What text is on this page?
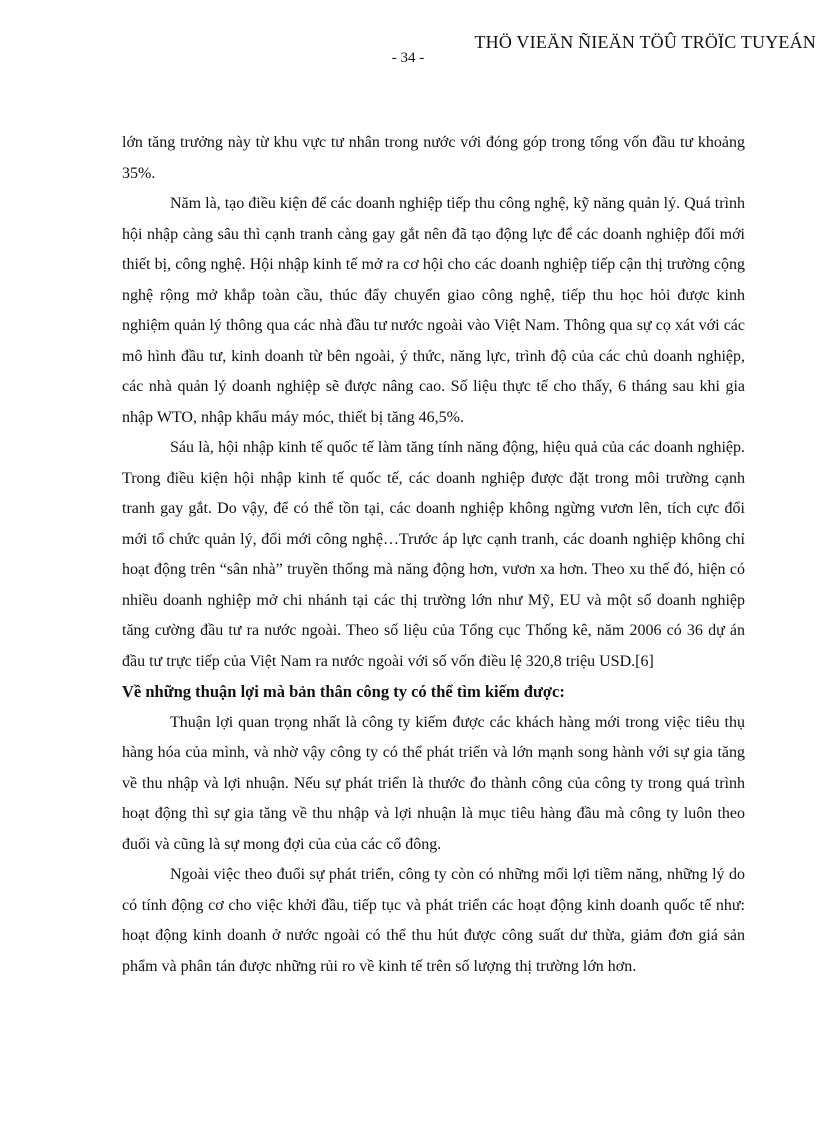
THÖ VIEÄN ÑIEÄN TÖÛ TRÖÏC TUYEÁN
- 34 -

lớn tăng trưởng này từ khu vực tư nhân trong nước với đóng góp trong tổng vốn đầu tư khoảng 35%.

Năm là, tạo điều kiện để các doanh nghiệp tiếp thu công nghệ, kỹ năng quản lý. Quá trình hội nhập càng sâu thì cạnh tranh càng gay gắt nên đã tạo động lực để các doanh nghiệp đổi mới thiết bị, công nghệ. Hội nhập kinh tế mở ra cơ hội cho các doanh nghiệp tiếp cận thị trường cộng nghệ rộng mở khắp toàn cầu, thúc đẩy chuyển giao công nghệ, tiếp thu học hỏi được kinh nghiệm quản lý thông qua các nhà đầu tư nước ngoài vào Việt Nam. Thông qua sự cọ xát với các mô hình đầu tư, kinh doanh từ bên ngoài, ý thức, năng lực, trình độ của các chủ doanh nghiệp, các nhà quản lý doanh nghiệp sẽ được nâng cao. Số liệu thực tế cho thấy, 6 tháng sau khi gia nhập WTO, nhập khẩu máy móc, thiết bị tăng 46,5%.

Sáu là, hội nhập kinh tế quốc tế làm tăng tính năng động, hiệu quả của các doanh nghiệp. Trong điều kiện hội nhập kinh tế quốc tế, các doanh nghiệp được đặt trong môi trường cạnh tranh gay gắt. Do vậy, để có thể tồn tại, các doanh nghiệp không ngừng vươn lên, tích cực đổi mới tổ chức quản lý, đổi mới công nghệ…Trước áp lực cạnh tranh, các doanh nghiệp không chỉ hoạt động trên “sân nhà” truyền thống mà năng động hơn, vươn xa hơn. Theo xu thế đó, hiện có nhiều doanh nghiệp mở chi nhánh tại các thị trường lớn như Mỹ, EU và một số doanh nghiệp tăng cường đầu tư ra nước ngoài. Theo số liệu của Tổng cục Thống kê, năm 2006 có 36 dự án đầu tư trực tiếp của Việt Nam ra nước ngoài với số vốn điều lệ 320,8 triệu USD.[6]

Về những thuận lợi mà bản thân công ty có thể tìm kiếm được:

Thuận lợi quan trọng nhất là công ty kiếm được các khách hàng mới trong việc tiêu thụ hàng hóa của mình, và nhờ vậy công ty có thể phát triển và lớn mạnh song hành với sự gia tăng về thu nhập và lợi nhuận. Nếu sự phát triển là thước đo thành công của công ty trong quá trình hoạt động thì sự gia tăng về thu nhập và lợi nhuận là mục tiêu hàng đầu mà công ty luôn theo đuổi và cũng là sự mong đợi của của các cổ đông.

Ngoài việc theo đuổi sự phát triển, công ty còn có những mối lợi tiềm năng, những lý do có tính động cơ cho việc khởi đầu, tiếp tục và phát triển các hoạt động kinh doanh quốc tế như: hoạt động kinh doanh ở nước ngoài có thể thu hút được công suất dư thừa, giảm đơn giá sản phẩm và phân tán được những rủi ro về kinh tế trên số lượng thị trường lớn hơn.
